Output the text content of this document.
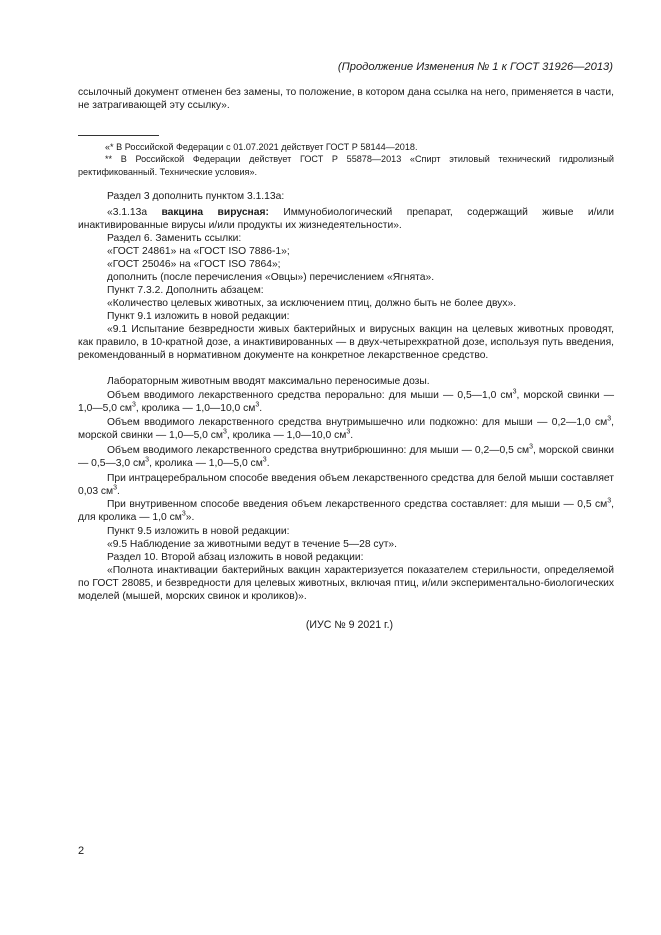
(Продолжение Изменения № 1 к ГОСТ 31926—2013)
ссылочный документ отменен без замены, то положение, в котором дана ссылка на него, применяется в части, не затрагивающей эту ссылку».
«* В Российской Федерации с 01.07.2021 действует ГОСТ Р 58144—2018.
** В Российской Федерации действует ГОСТ Р 55878—2013 «Спирт этиловый технический гидролизный ректификованный. Технические условия».
Раздел 3 дополнить пунктом 3.1.13а:
«3.1.13а вакцина вирусная: Иммунобиологический препарат, содержащий живые и/или инактивированные вирусы и/или продукты их жизнедеятельности».
Раздел 6. Заменить ссылки:
«ГОСТ 24861» на «ГОСТ ISO 7886-1»;
«ГОСТ 25046» на «ГОСТ ISO 7864»;
дополнить (после перечисления «Овцы») перечислением «Ягнята».
Пункт 7.3.2. Дополнить абзацем:
«Количество целевых животных, за исключением птиц, должно быть не более двух».
Пункт 9.1 изложить в новой редакции:
«9.1 Испытание безвредности живых бактерийных и вирусных вакцин на целевых животных проводят, как правило, в 10-кратной дозе, а инактивированных — в двух-четырехкратной дозе, используя путь введения, рекомендованный в нормативном документе на конкретное лекарственное средство.
Лабораторным животным вводят максимально переносимые дозы.
Объем вводимого лекарственного средства перорально: для мыши — 0,5—1,0 $см^3$, морской свинки — 1,0—5,0 $см^3$, кролика — 1,0—10,0 $см^3$.
Объем вводимого лекарственного средства внутримышечно или подкожно: для мыши — 0,2—1,0 $см^3$, морской свинки — 1,0—5,0 $см^3$, кролика — 1,0—10,0 $см^3$.
Объем вводимого лекарственного средства внутрибрюшинно: для мыши — 0,2—0,5 $см^3$, морской свинки — 0,5—3,0 $см^3$, кролика — 1,0—5,0 $см^3$.
При интрацеребральном способе введения объем лекарственного средства для белой мыши составляет 0,03 $см^3$.
При внутривенном способе введения объем лекарственного средства составляет: для мыши — 0,5 $см^3$, для кролика — 1,0 $см^3$».
Пункт 9.5 изложить в новой редакции:
«9.5 Наблюдение за животными ведут в течение 5—28 сут».
Раздел 10. Второй абзац изложить в новой редакции:
«Полнота инактивации бактерийных вакцин характеризуется показателем стерильности, определяемой по ГОСТ 28085, и безвредности для целевых животных, включая птиц, и/или экспериментально-биологических моделей (мышей, морских свинок и кроликов)».
(ИУС № 9 2021 г.)
2
